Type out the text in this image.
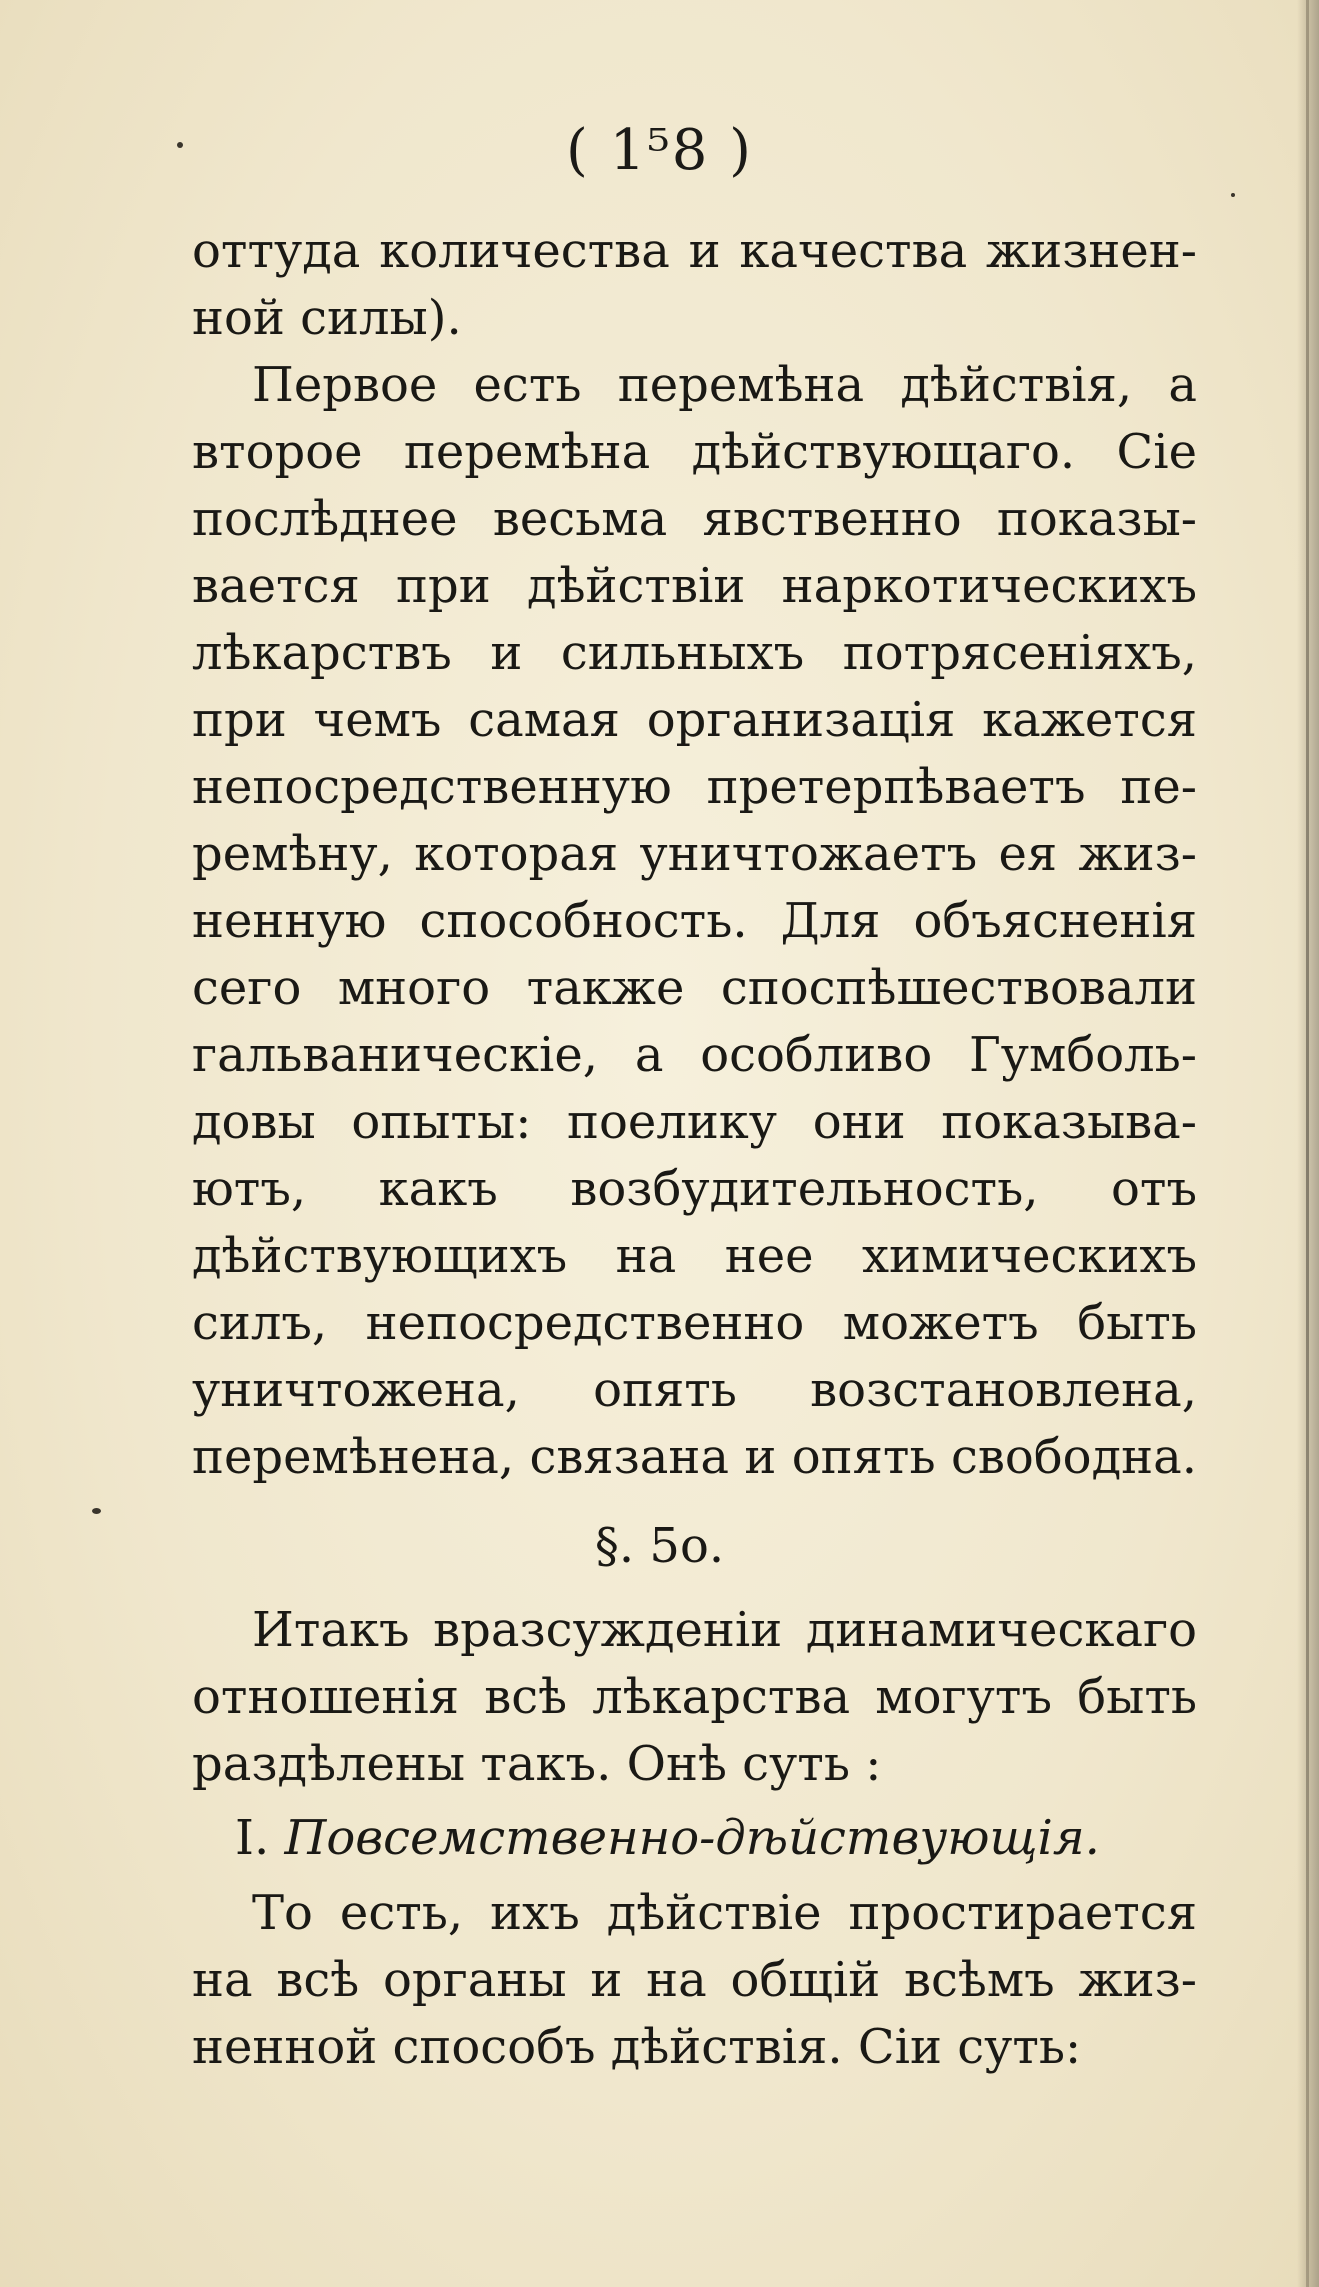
( 1⁵8 )
оттуда количества и качества жизнен-
ной силы).
Первое есть перемѣна дѣйствія, а
второе перемѣна дѣйствующаго. Сіе
послѣднее весьма явственно показы-
вается при дѣйствіи наркотическихъ
лѣкарствъ и сильныхъ потрясеніяхъ,
при чемъ самая организація кажется
непосредственную претерпѣваетъ пе-
ремѣну, которая уничтожаетъ ея жиз-
ненную способность. Для объясненія
сего много также споспѣшествовали
гальваническіе, а особливо Гумболь-
довы опыты: поелику они показыва-
ютъ, какъ возбудительность, отъ
дѣйствующихъ на нее химическихъ
силъ, непосредственно можетъ быть
уничтожена, опять возстановлена,
перемѣнена, связана и опять свободна.
§. 5о.
Итакъ вразсужденіи динамическаго
отношенія всѣ лѣкарства могутъ быть
раздѣлены такъ. Онѣ суть :
I. Повсемственно-дѣйствующія.
То есть, ихъ дѣйствіе простирается
на всѣ органы и на общій всѣмъ жиз-
ненной способъ дѣйствія. Сіи суть:
